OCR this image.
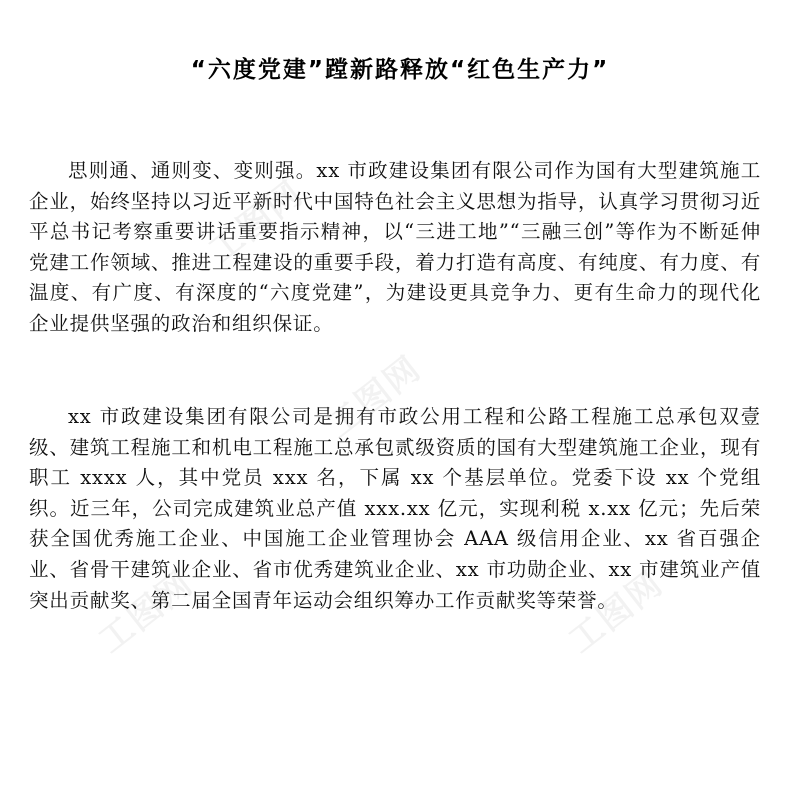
工图网
工图网
工图网	工图网
“六度党建”蹚新路释放“红色生产力”

思则通、通则变、变则强。xx 市政建设集团有限公司作为国有大型建筑施工企业，始终坚持以习近平新时代中国特色社会主义思想为指导，认真学习贯彻习近平总书记考察重要讲话重要指示精神，以“三进工地”“三融三创”等作为不断延伸党建工作领域、推进工程建设的重要手段，着力打造有高度、有纯度、有力度、有温度、有广度、有深度的“六度党建”，为建设更具竞争力、更有生命力的现代化企业提供坚强的政治和组织保证。

xx 市政建设集团有限公司是拥有市政公用工程和公路工程施工总承包双壹级、建筑工程施工和机电工程施工总承包贰级资质的国有大型建筑施工企业，现有职工 xxxx 人，其中党员 xxx 名，下属 xx 个基层单位。党委下设 xx 个党组织。近三年，公司完成建筑业总产值 xxx.xx 亿元，实现利税 x.xx 亿元；先后荣获全国优秀施工企业、中国施工企业管理协会 AAA 级信用企业、xx 省百强企业、省骨干建筑业企业、省市优秀建筑业企业、xx 市功勋企业、xx 市建筑业产值突出贡献奖、第二届全国青年运动会组织筹办工作贡献奖等荣誉。
